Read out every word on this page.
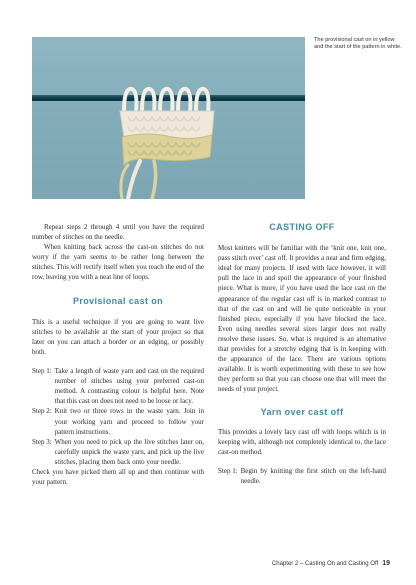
The provisional cast on in yellow and the start of the pattern in white.

Repeat steps 2 through 4 until you have the required number of stitches on the needle.

When knitting back across the cast-on stitches do not worry if the yarn seems to be rather long between the stitches. This will rectify itself when you reach the end of the row, leaving you with a neat line of loops.

Provisional cast on

This is a useful technique if you are going to want live stitches to be available at the start of your project so that later on you can attach a border or an edging, or possibly both.

Step 1: Take a length of waste yarn and cast on the required number of stitches using your preferred cast-on method. A contrasting colour is helpful here. Note that this cast on does not need to be loose or lacy.
Step 2: Knit two or three rows in the waste yarn. Join in your working yarn and proceed to follow your pattern instructions.
Step 3: When you need to pick up the live stitches later on, carefully unpick the waste yarn, and pick up the live stitches, placing them back onto your needle.

Check you have picked them all up and then continue with your pattern.

CASTING OFF

Most knitters will be familiar with the ‘knit one, knit one, pass stitch over’ cast off. It provides a neat and firm edging, ideal for many projects. If used with lace however, it will pull the lace in and spoil the appearance of your finished piece. What is more, if you have used the lace cast on the appearance of the regular cast off is in marked contrast to that of the cast on and will be quite noticeable in your finished piece, especially if you have blocked the lace. Even using needles several sizes larger does not really resolve these issues. So, what is required is an alternative that provides for a stretchy edging that is in keeping with the appearance of the lace. There are various options available. It is worth experimenting with these to see how they perform so that you can choose one that will meet the needs of your project.

Yarn over cast off

This provides a lovely lacy cast off with loops which is in keeping with, although not completely identical to, the lace cast-on method.

Step 1: Begin by knitting the first stitch on the left-hand needle.
Chapter 2 – Casting On and Casting Off 19
